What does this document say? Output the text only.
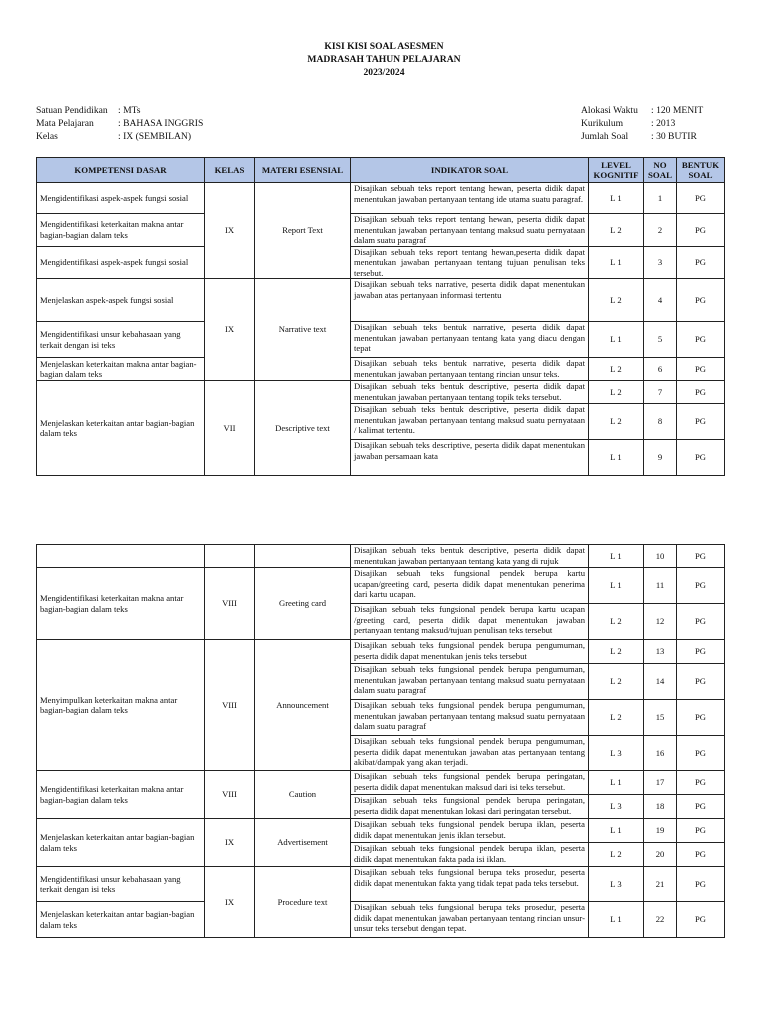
KISI KISI SOAL ASESMEN
MADRASAH TAHUN PELAJARAN
2023/2024
Satuan Pendidikan	: MTs
Mata Pelajaran	: BAHASA INGGRIS
Kelas	: IX (SEMBILAN)
Alokasi Waktu	: 120 MENIT
Kurikulum	: 2013
Jumlah Soal	: 30 BUTIR
KOMPETENSI DASAR	KELAS	MATERI ESENSIAL	INDIKATOR SOAL	LEVEL KOGNITIF	NO SOAL	BENTUK SOAL
Mengidentifikasi aspek-aspek fungsi sosial	IX	Report Text	Disajikan sebuah teks report tentang hewan, peserta didik dapat menentukan jawaban pertanyaan tentang ide utama suatu paragraf.	L 1	1	PG
Mengidentifikasi keterkaitan makna antar bagian-bagian dalam teks			Disajikan sebuah teks report tentang hewan, peserta didik dapat menentukan jawaban pertanyaan tentang maksud suatu pernyataan dalam suatu paragraf	L 2	2	PG
Mengidentifikasi aspek-aspek fungsi sosial			Disajikan sebuah teks report tentang hewan,peserta didik dapat menentukan jawaban pertanyaan tentang tujuan penulisan teks tersebut.	L 1	3	PG
Menjelaskan aspek-aspek fungsi sosial	IX	Narrative text	Disajikan sebuah teks narrative, peserta didik dapat menentukan jawaban atas pertanyaan informasi tertentu	L 2	4	PG
Mengidentifikasi unsur kebahasaan yang terkait dengan isi teks			Disajikan sebuah teks bentuk narrative, peserta didik dapat menentukan jawaban pertanyaan tentang kata yang diacu dengan tepat	L 1	5	PG
Menjelaskan keterkaitan makna antar bagian-bagian dalam teks			Disajikan sebuah teks bentuk narrative, peserta didik dapat menentukan jawaban pertanyaan tentang rincian unsur teks.	L 2	6	PG
Menjelaskan keterkaitan antar bagian-bagian dalam teks	VII	Descriptive text	Disajikan sebuah teks bentuk descriptive, peserta didik dapat menentukan jawaban pertanyaan tentang topik teks tersebut.	L 2	7	PG
			Disajikan sebuah teks bentuk descriptive, peserta didik dapat menentukan jawaban pertanyaan tentang maksud suatu pernyataan / kalimat tertentu.	L 2	8	PG
			Disajikan sebuah teks descriptive, peserta didik dapat menentukan jawaban persamaan kata	L 1	9	PG
			Disajikan sebuah teks bentuk descriptive, peserta didik dapat menentukan jawaban pertanyaan tentang kata yang di rujuk	L 1	10	PG
Mengidentifikasi keterkaitan makna antar bagian-bagian dalam teks	VIII	Greeting card	Disajikan sebuah teks fungsional pendek berupa kartu ucapan/greeting card, peserta didik dapat menentukan penerima dari kartu ucapan.	L 1	11	PG
			Disajikan sebuah teks fungsional pendek berupa kartu ucapan /greeting card, peserta didik dapat menentukan jawaban pertanyaan tentang maksud/tujuan penulisan teks tersebut	L 2	12	PG
Menyimpulkan keterkaitan makna antar bagian-bagian dalam teks	VIII	Announcement	Disajikan sebuah teks fungsional pendek berupa pengumuman, peserta didik dapat menentukan jenis teks tersebut	L 2	13	PG
			Disajikan sebuah teks fungsional pendek berupa pengumuman, menentukan jawaban pertanyaan tentang maksud suatu pernyataan dalam suatu paragraf	L 2	14	PG
			Disajikan sebuah teks fungsional pendek berupa pengumuman, menentukan jawaban pertanyaan tentang maksud suatu pernyataan dalam suatu paragraf	L 2	15	PG
			Disajikan sebuah teks fungsional pendek berupa pengumuman, peserta didik dapat menentukan jawaban atas pertanyaan tentang akibat/dampak yang akan terjadi.	L 3	16	PG
Mengidentifikasi keterkaitan makna antar bagian-bagian dalam teks	VIII	Caution	Disajikan sebuah teks fungsional pendek berupa peringatan, peserta didik dapat menentukan maksud dari isi teks tersebut.	L 1	17	PG
			Disajikan sebuah teks fungsional pendek berupa peringatan, peserta didik dapat menentukan lokasi dari peringatan tersebut.	L 3	18	PG
Menjelaskan keterkaitan antar bagian-bagian dalam teks	IX	Advertisement	Disajikan sebuah teks fungsional pendek berupa iklan, peserta didik dapat menentukan jenis iklan tersebut.	L 1	19	PG
			Disajikan sebuah teks fungsional pendek berupa iklan, peserta didik dapat menentukan fakta pada isi iklan.	L 2	20	PG
Mengidentifikasi unsur kebahasaan yang terkait dengan isi teks	IX	Procedure text	Disajikan sebuah teks fungsional berupa teks prosedur, peserta didik dapat menentukan fakta yang tidak tepat pada teks tersebut.	L 3	21	PG
Menjelaskan keterkaitan antar bagian-bagian dalam teks			Disajikan sebuah teks fungsional berupa teks prosedur, peserta didik dapat menentukan jawaban pertanyaan tentang rincian unsur-unsur teks tersebut dengan tepat.	L 1	22	PG
